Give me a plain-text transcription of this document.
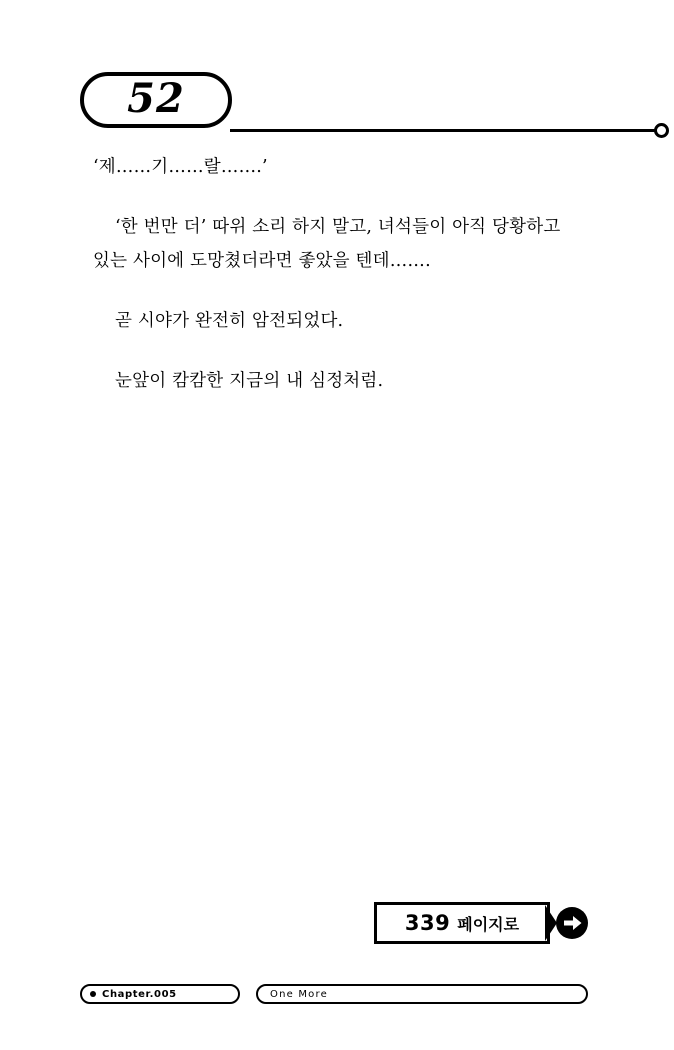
52

‘제……기……랄…….’

‘한 번만 더’ 따위 소리 하지 말고, 녀석들이 아직 당황하고 있는 사이에 도망쳤더라면 좋았을 텐데…….

곧 시야가 완전히 암전되었다.

눈앞이 캄캄한 지금의 내 심정처럼.

339 페이지로
Chapter.005	One More
